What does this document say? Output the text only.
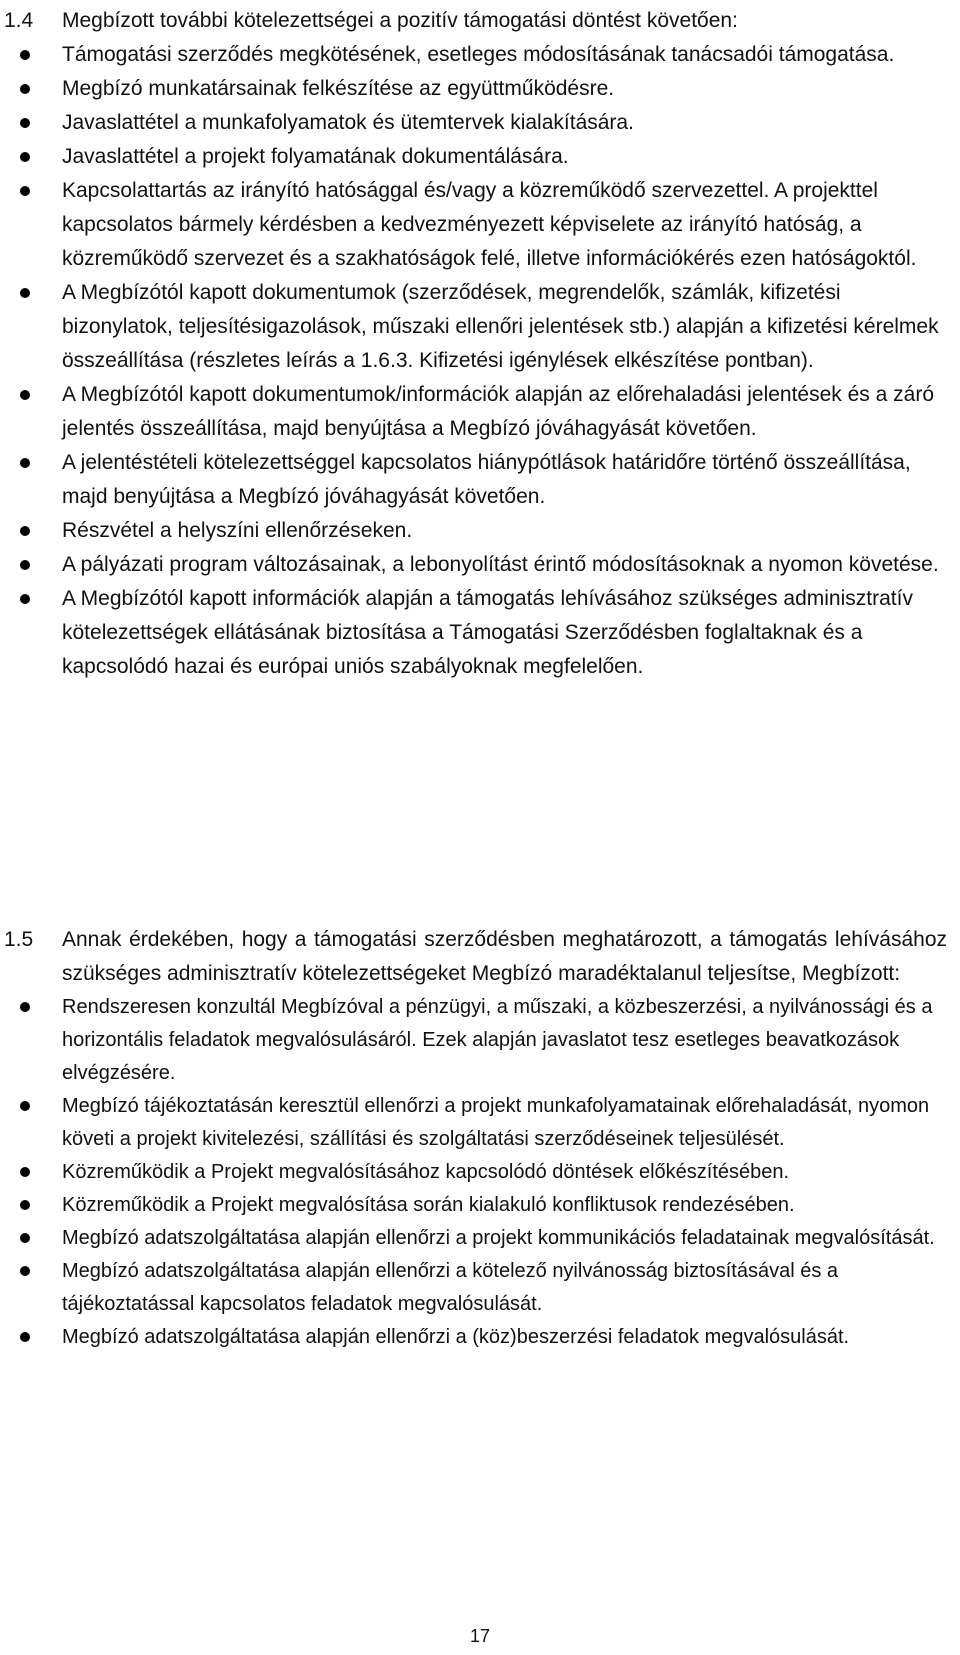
1.4 Megbízott további kötelezettségei a pozitív támogatási döntést követően:

Támogatási szerződés megkötésének, esetleges módosításának tanácsadói támogatása.
Megbízó munkatársainak felkészítése az együttműködésre.
Javaslattétel a munkafolyamatok és ütemtervek kialakítására.
Javaslattétel a projekt folyamatának dokumentálására.
Kapcsolattartás az irányító hatósággal és/vagy a közreműködő szervezettel. A projekttel kapcsolatos bármely kérdésben a kedvezményezett képviselete az irányító hatóság, a közreműködő szervezet és a szakhatóságok felé, illetve információkérés ezen hatóságoktól.
A Megbízótól kapott dokumentumok (szerződések, megrendelők, számlák, kifizetési bizonylatok, teljesítésigazolások, műszaki ellenőri jelentések stb.) alapján a kifizetési kérelmek összeállítása (részletes leírás a 1.6.3. Kifizetési igénylések elkészítése pontban).
A Megbízótól kapott dokumentumok/információk alapján az előrehaladási jelentések és a záró jelentés összeállítása, majd benyújtása a Megbízó jóváhagyását követően.
A jelentéstételi kötelezettséggel kapcsolatos hiánypótlások határidőre történő összeállítása, majd benyújtása a Megbízó jóváhagyását követően.
Részvétel a helyszíni ellenőrzéseken.
A pályázati program változásainak, a lebonyolítást érintő módosításoknak a nyomon követése.
A Megbízótól kapott információk alapján a támogatás lehívásához szükséges adminisztratív kötelezettségek ellátásának biztosítása a Támogatási Szerződésben foglaltaknak és a kapcsolódó hazai és európai uniós szabályoknak megfelelően.
1.5 Annak érdekében, hogy a támogatási szerződésben meghatározott, a támogatás lehívásához szükséges adminisztratív kötelezettségeket Megbízó maradéktalanul teljesítse, Megbízott:

Rendszeresen konzultál Megbízóval a pénzügyi, a műszaki, a közbeszerzési, a nyilvánossági és a horizontális feladatok megvalósulásáról. Ezek alapján javaslatot tesz esetleges beavatkozások elvégzésére.
Megbízó tájékoztatásán keresztül ellenőrzi a projekt munkafolyamatainak előrehaladását, nyomon követi a projekt kivitelezési, szállítási és szolgáltatási szerződéseinek teljesülését.
Közreműködik a Projekt megvalósításához kapcsolódó döntések előkészítésében.
Közreműködik a Projekt megvalósítása során kialakuló konfliktusok rendezésében.
Megbízó adatszolgáltatása alapján ellenőrzi a projekt kommunikációs feladatainak megvalósítását.
Megbízó adatszolgáltatása alapján ellenőrzi a kötelező nyilvánosság biztosításával és a tájékoztatással kapcsolatos feladatok megvalósulását.
Megbízó adatszolgáltatása alapján ellenőrzi a (köz)beszerzési feladatok megvalósulását.
17
